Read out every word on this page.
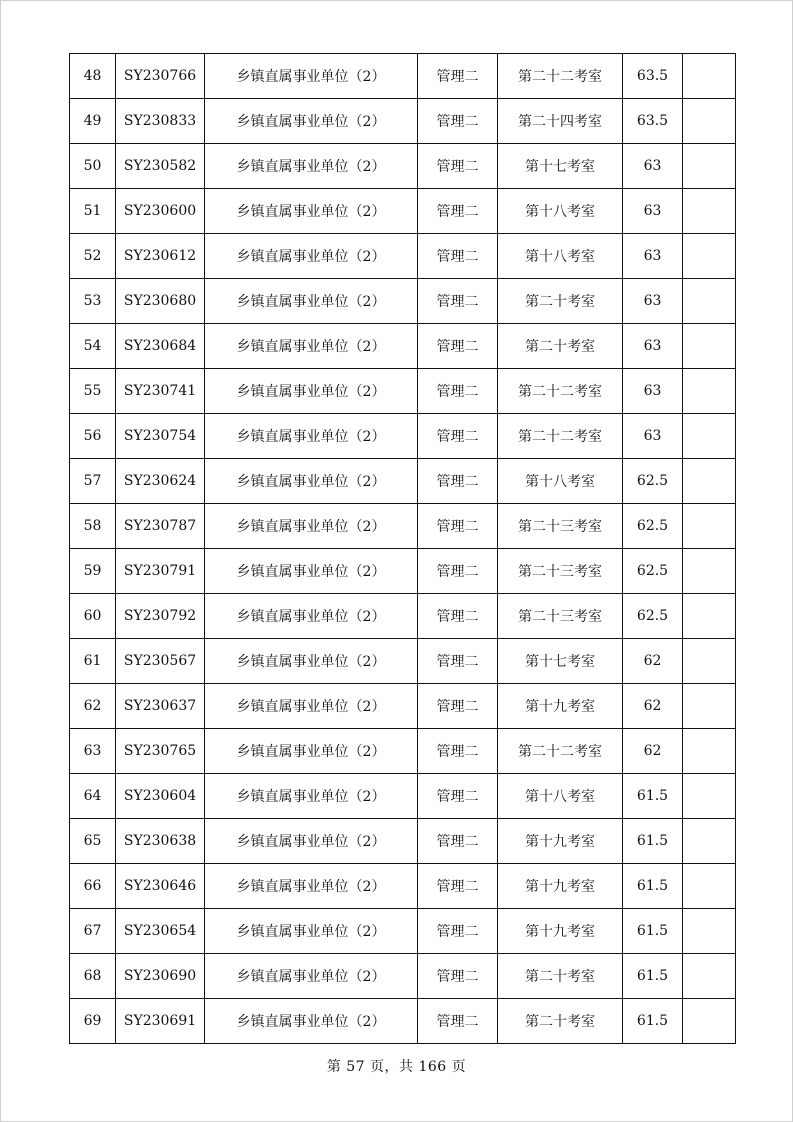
48	SY230766	乡镇直属事业单位（2）	管理二	第二十二考室	63.5	
49	SY230833	乡镇直属事业单位（2）	管理二	第二十四考室	63.5	
50	SY230582	乡镇直属事业单位（2）	管理二	第十七考室	63	
51	SY230600	乡镇直属事业单位（2）	管理二	第十八考室	63	
52	SY230612	乡镇直属事业单位（2）	管理二	第十八考室	63	
53	SY230680	乡镇直属事业单位（2）	管理二	第二十考室	63	
54	SY230684	乡镇直属事业单位（2）	管理二	第二十考室	63	
55	SY230741	乡镇直属事业单位（2）	管理二	第二十二考室	63	
56	SY230754	乡镇直属事业单位（2）	管理二	第二十二考室	63	
57	SY230624	乡镇直属事业单位（2）	管理二	第十八考室	62.5	
58	SY230787	乡镇直属事业单位（2）	管理二	第二十三考室	62.5	
59	SY230791	乡镇直属事业单位（2）	管理二	第二十三考室	62.5	
60	SY230792	乡镇直属事业单位（2）	管理二	第二十三考室	62.5	
61	SY230567	乡镇直属事业单位（2）	管理二	第十七考室	62	
62	SY230637	乡镇直属事业单位（2）	管理二	第十九考室	62	
63	SY230765	乡镇直属事业单位（2）	管理二	第二十二考室	62	
64	SY230604	乡镇直属事业单位（2）	管理二	第十八考室	61.5	
65	SY230638	乡镇直属事业单位（2）	管理二	第十九考室	61.5	
66	SY230646	乡镇直属事业单位（2）	管理二	第十九考室	61.5	
67	SY230654	乡镇直属事业单位（2）	管理二	第十九考室	61.5	
68	SY230690	乡镇直属事业单位（2）	管理二	第二十考室	61.5	
69	SY230691	乡镇直属事业单位（2）	管理二	第二十考室	61.5	
第 57 页，共 166 页
